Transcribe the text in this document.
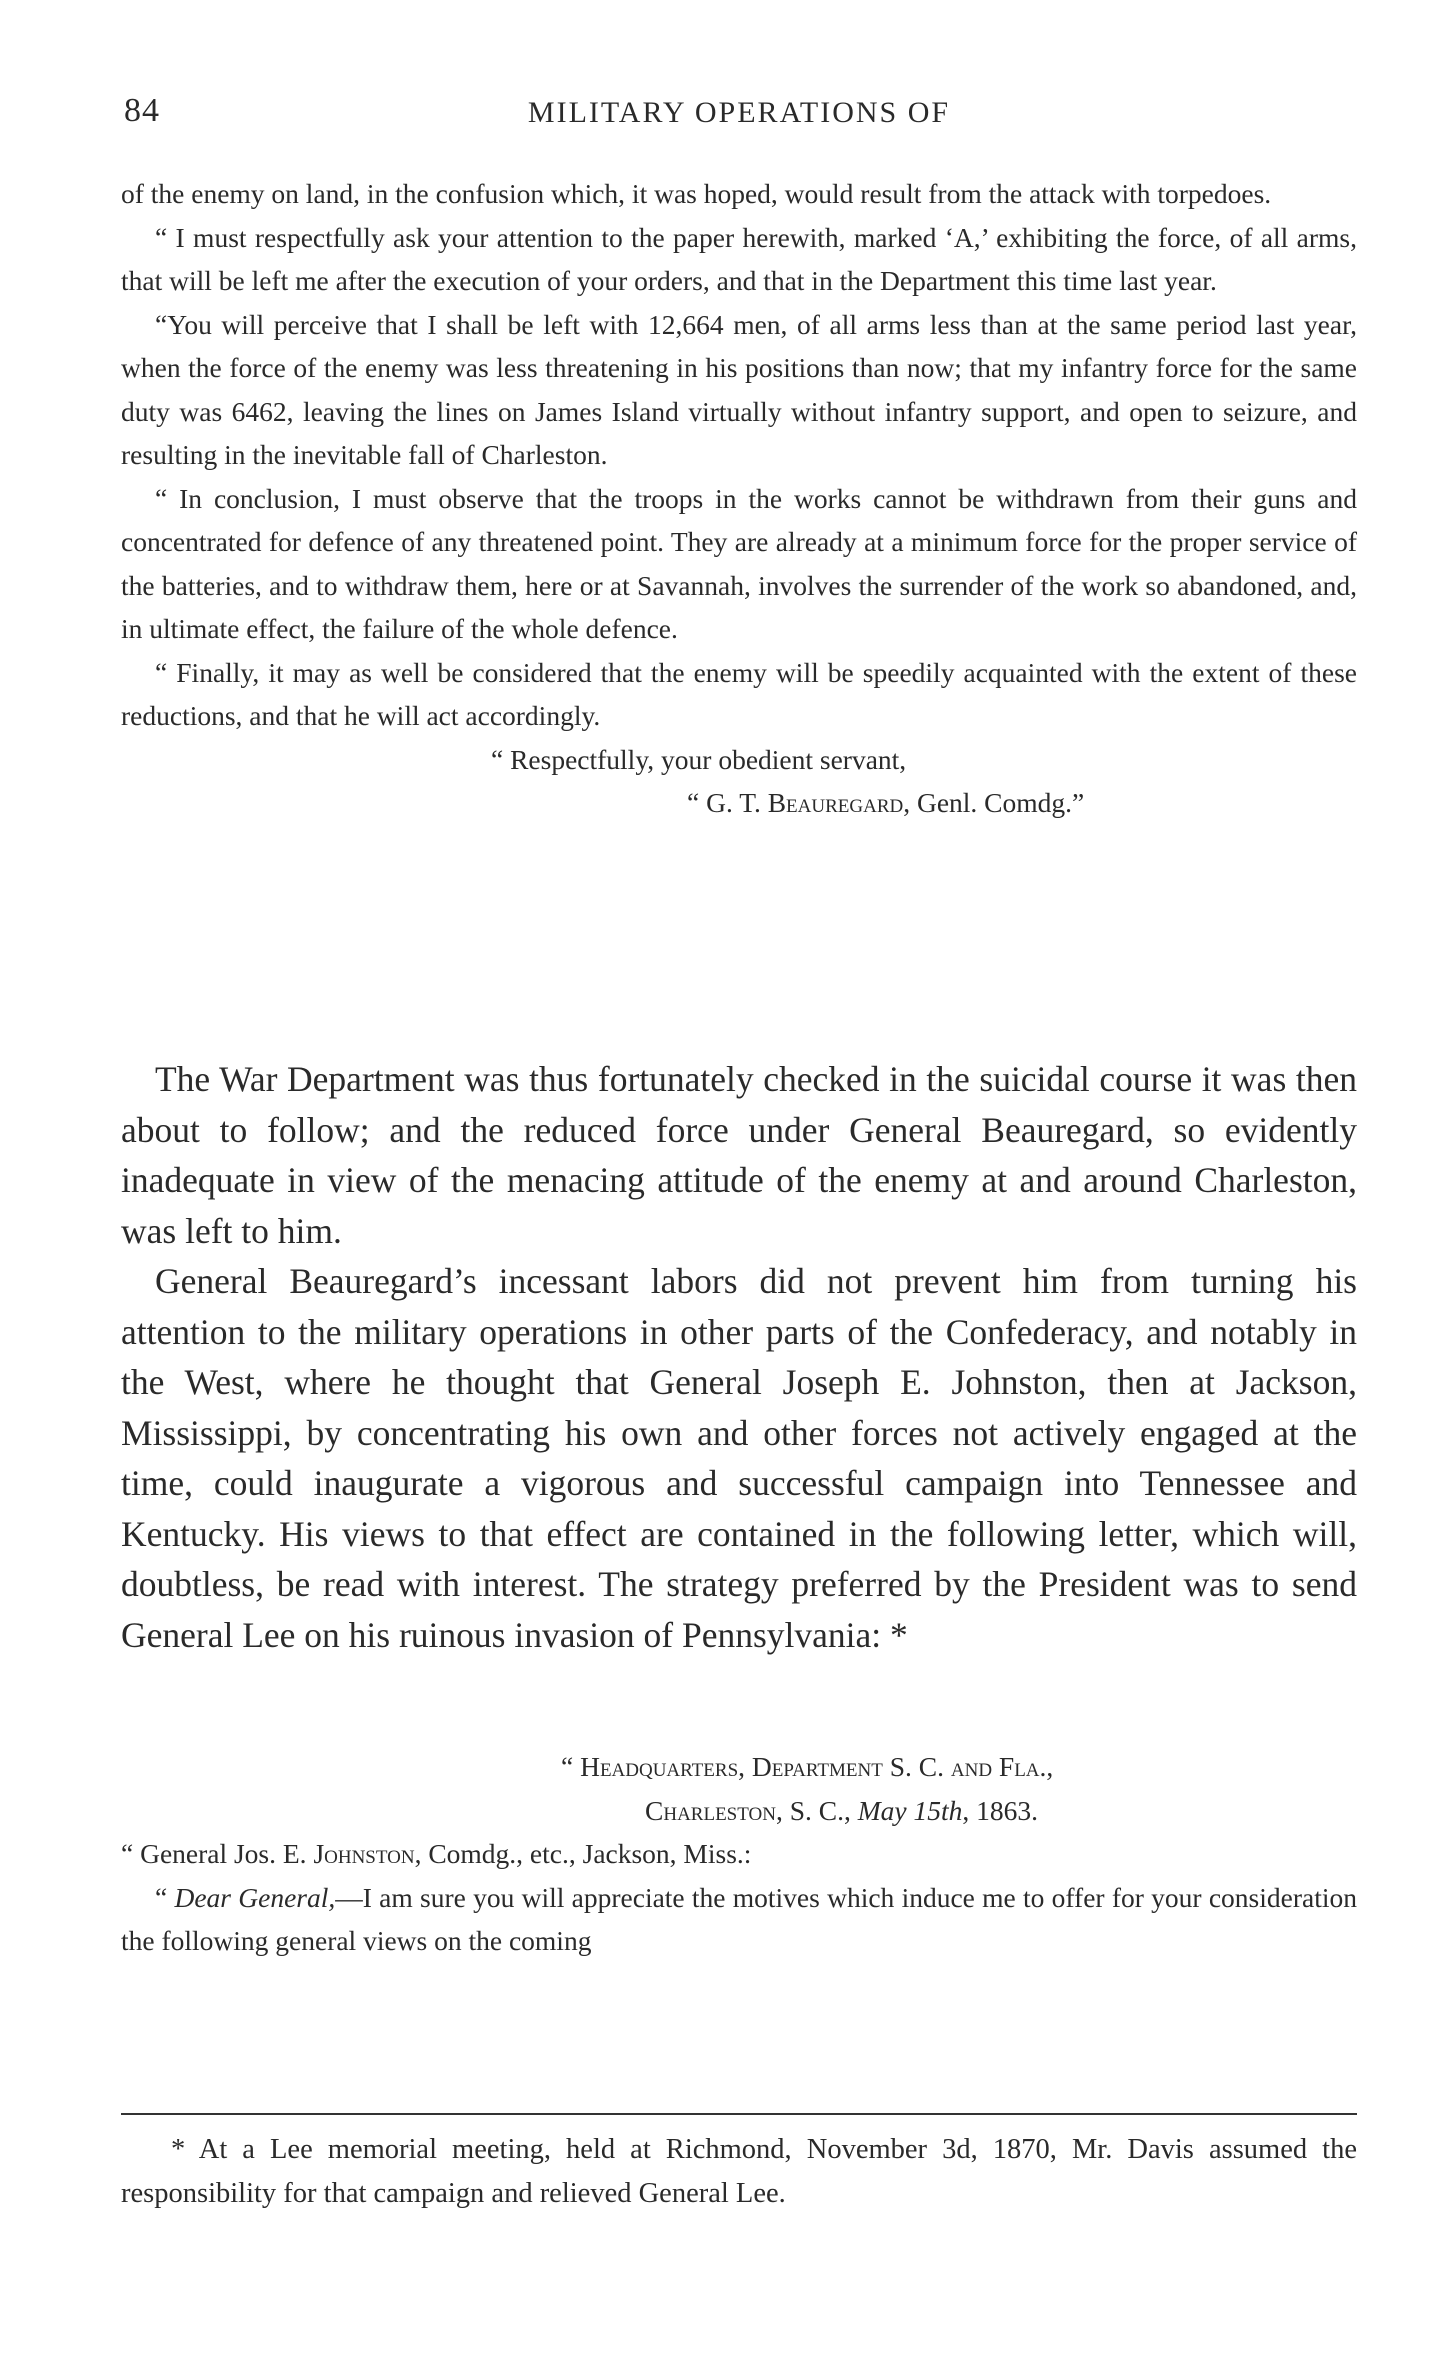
84	MILITARY OPERATIONS OF

of the enemy on land, in the confusion which, it was hoped, would result from the attack with torpedoes.

“ I must respectfully ask your attention to the paper herewith, marked ‘A,’ exhibiting the force, of all arms, that will be left me after the execution of your orders, and that in the Department this time last year.

“You will perceive that I shall be left with 12,664 men, of all arms less than at the same period last year, when the force of the enemy was less threatening in his positions than now; that my infantry force for the same duty was 6462, leaving the lines on James Island virtually without infantry support, and open to seizure, and resulting in the inevitable fall of Charleston.

“ In conclusion, I must observe that the troops in the works cannot be withdrawn from their guns and concentrated for defence of any threatened point. They are already at a minimum force for the proper service of the batteries, and to withdraw them, here or at Savannah, involves the surrender of the work so abandoned, and, in ultimate effect, the failure of the whole defence.

“ Finally, it may as well be considered that the enemy will be speedily acquainted with the extent of these reductions, and that he will act accordingly.

“ Respectfully, your obedient servant,
“ G. T. Beauregard, Genl. Comdg.”

The War Department was thus fortunately checked in the suicidal course it was then about to follow; and the reduced force under General Beauregard, so evidently inadequate in view of the menacing attitude of the enemy at and around Charleston, was left to him.

General Beauregard’s incessant labors did not prevent him from turning his attention to the military operations in other parts of the Confederacy, and notably in the West, where he thought that General Joseph E. Johnston, then at Jackson, Mississippi, by concentrating his own and other forces not actively engaged at the time, could inaugurate a vigorous and successful campaign into Tennessee and Kentucky. His views to that effect are contained in the following letter, which will, doubtless, be read with interest. The strategy preferred by the President was to send General Lee on his ruinous invasion of Pennsylvania: *

“ Headquarters, Department S. C. and Fla.,
Charleston, S. C., May 15th, 1863.
“ General Jos. E. Johnston, Comdg., etc., Jackson, Miss.:

“ Dear General,—I am sure you will appreciate the motives which induce me to offer for your consideration the following general views on the coming

* At a Lee memorial meeting, held at Richmond, November 3d, 1870, Mr. Davis assumed the responsibility for that campaign and relieved General Lee.
